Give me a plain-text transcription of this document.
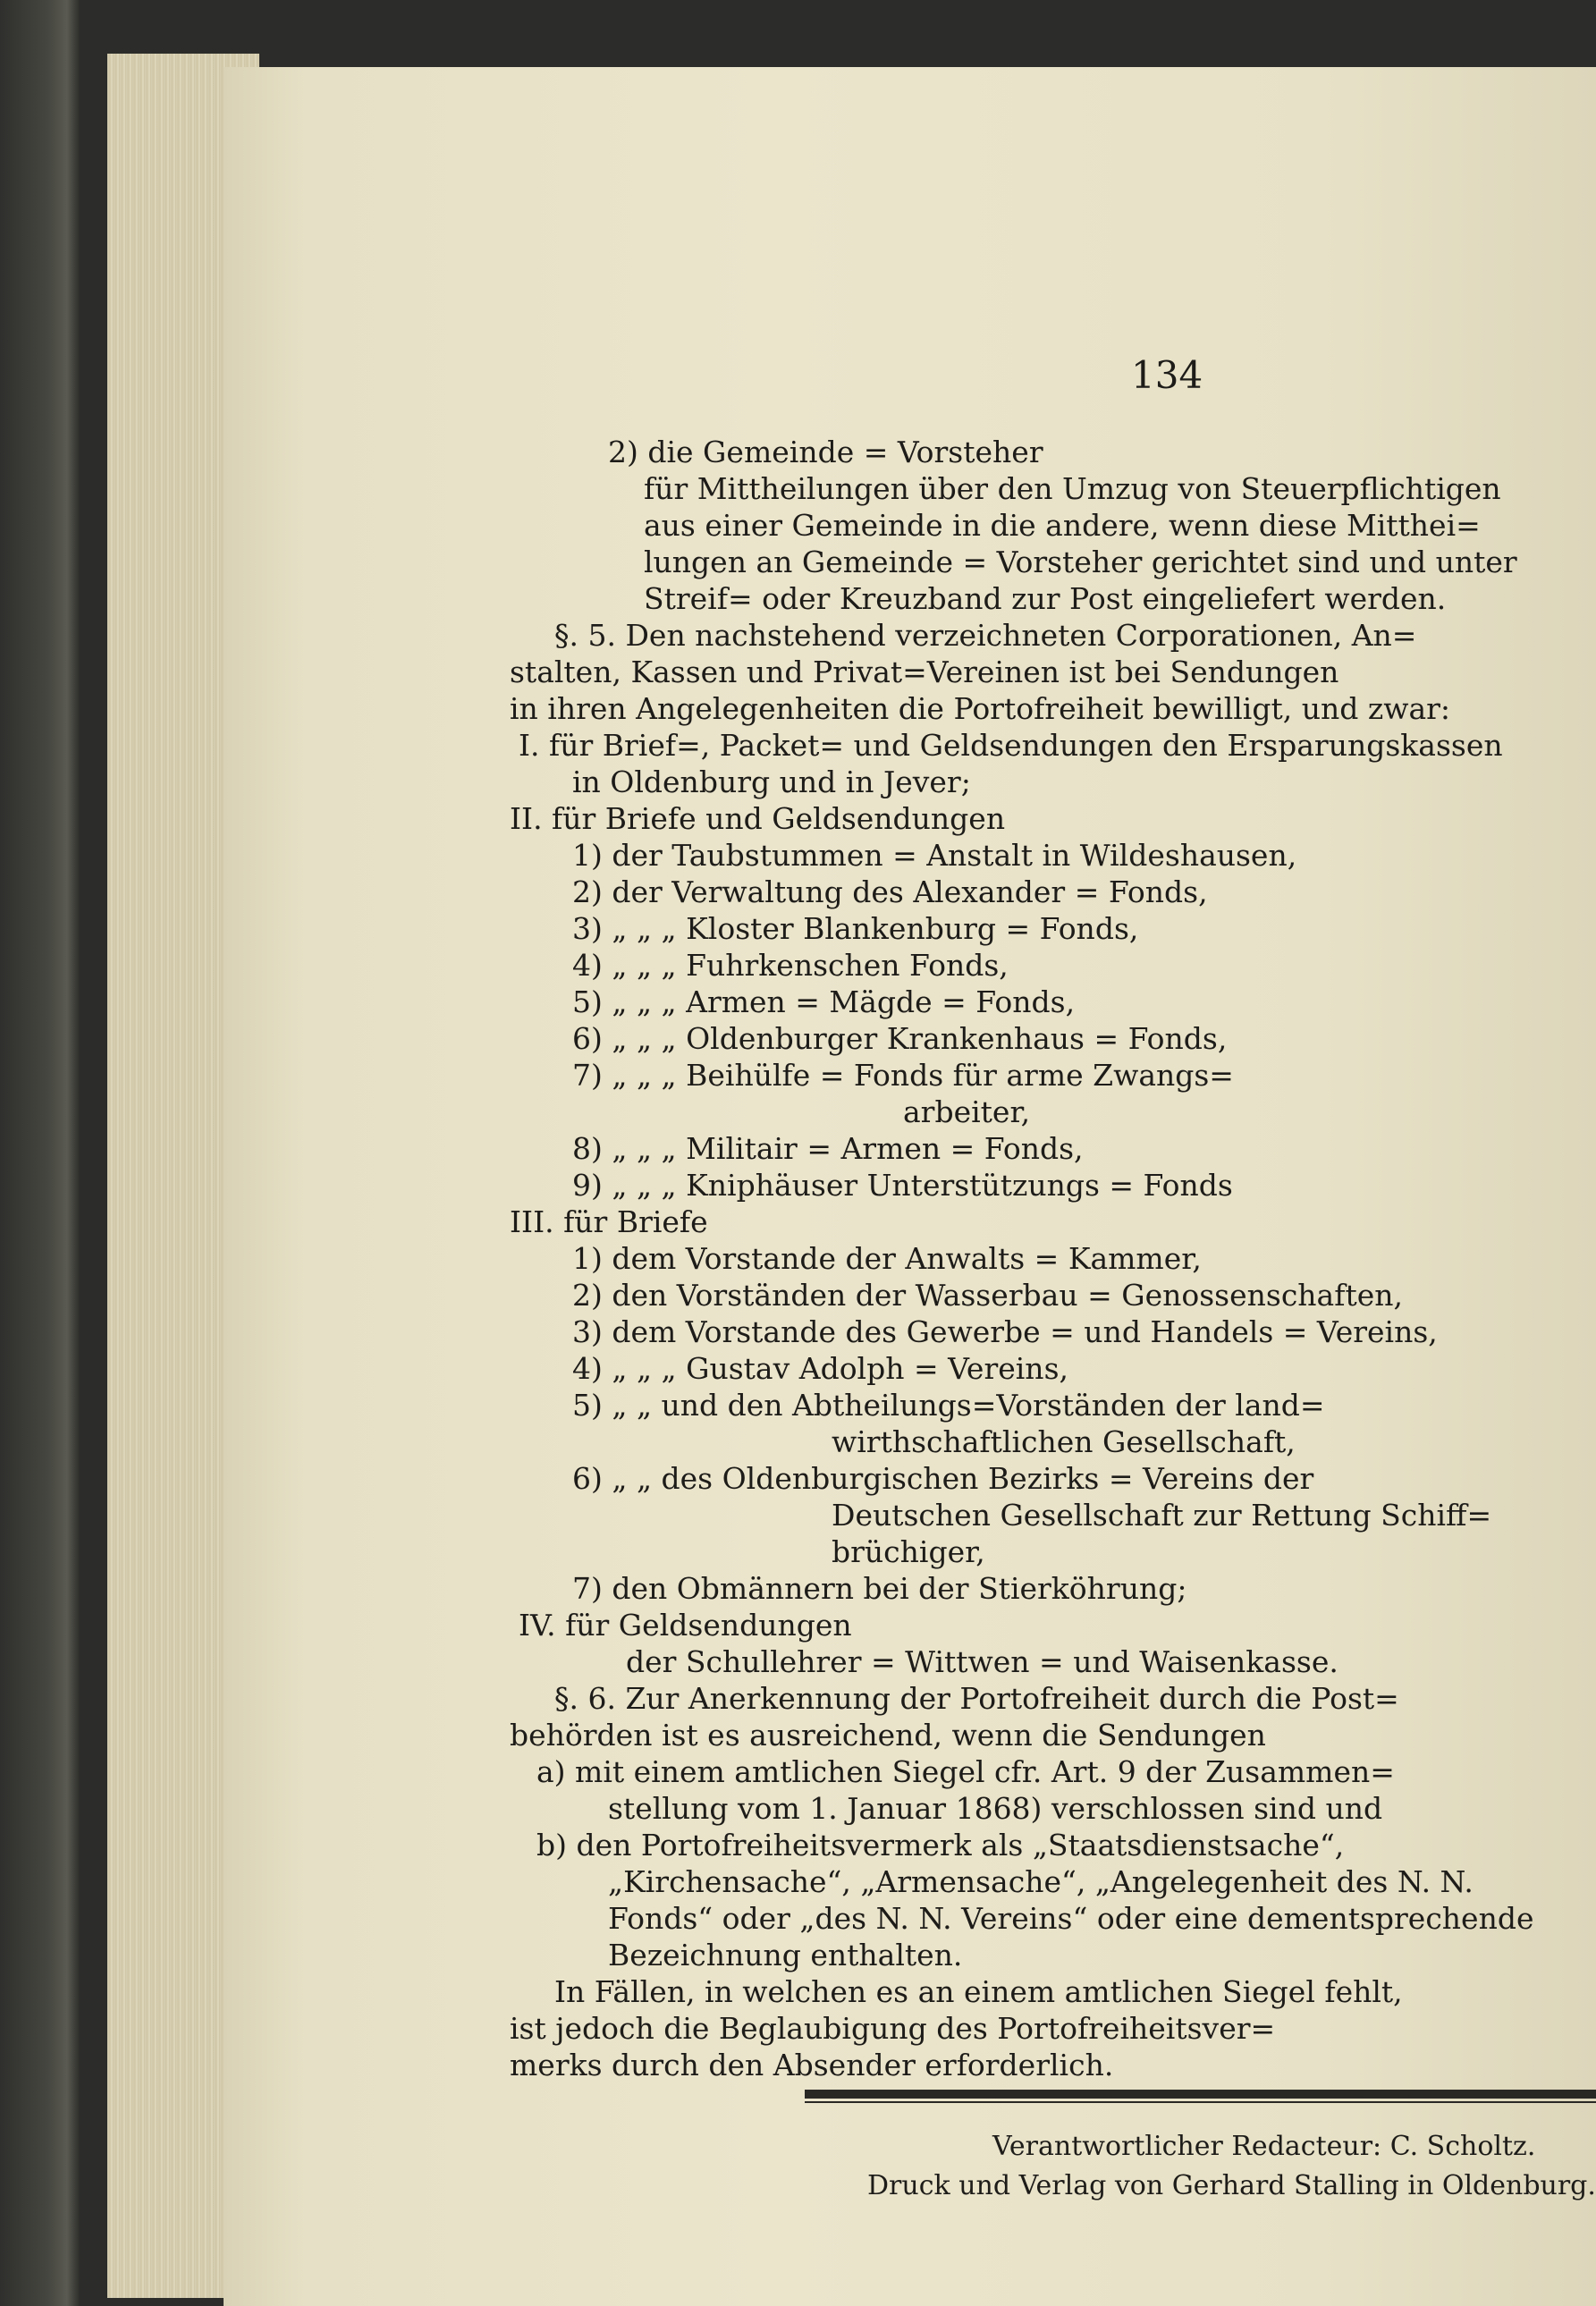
134
2) die Gemeinde = Vorsteher
für Mittheilungen über den Umzug von Steuerpflichtigen
aus einer Gemeinde in die andere, wenn diese Mitthei=
lungen an Gemeinde = Vorsteher gerichtet sind und unter
Streif= oder Kreuzband zur Post eingeliefert werden.
§. 5. Den nachstehend verzeichneten Corporationen, An=
stalten, Kassen und Privat=Vereinen ist bei Sendungen
in ihren Angelegenheiten die Portofreiheit bewilligt, und zwar:
I. für Brief=, Packet= und Geldsendungen den Ersparungskassen
in Oldenburg und in Jever;
II. für Briefe und Geldsendungen
1) der Taubstummen = Anstalt in Wildeshausen,
2) der Verwaltung des Alexander = Fonds,
3) „ „ „ Kloster Blankenburg = Fonds,
4) „ „ „ Fuhrkenschen Fonds,
5) „ „ „ Armen = Mägde = Fonds,
6) „ „ „ Oldenburger Krankenhaus = Fonds,
7) „ „ „ Beihülfe = Fonds für arme Zwangs=
arbeiter,
8) „ „ „ Militair = Armen = Fonds,
9) „ „ „ Kniphäuser Unterstützungs = Fonds
III. für Briefe
1) dem Vorstande der Anwalts = Kammer,
2) den Vorständen der Wasserbau = Genossenschaften,
3) dem Vorstande des Gewerbe = und Handels = Vereins,
4) „ „ „ Gustav Adolph = Vereins,
5) „ „ und den Abtheilungs=Vorständen der land=
wirthschaftlichen Gesellschaft,
6) „ „ des Oldenburgischen Bezirks = Vereins der
Deutschen Gesellschaft zur Rettung Schiff=
brüchiger,
7) den Obmännern bei der Stierköhrung;
IV. für Geldsendungen
der Schullehrer = Wittwen = und Waisenkasse.
§. 6. Zur Anerkennung der Portofreiheit durch die Post=
behörden ist es ausreichend, wenn die Sendungen
a) mit einem amtlichen Siegel cfr. Art. 9 der Zusammen=
stellung vom 1. Januar 1868) verschlossen sind und
b) den Portofreiheitsvermerk als „Staatsdienstsache“,
„Kirchensache“, „Armensache“, „Angelegenheit des N. N.
Fonds“ oder „des N. N. Vereins“ oder eine dementsprechende
Bezeichnung enthalten.
In Fällen, in welchen es an einem amtlichen Siegel fehlt,
ist jedoch die Beglaubigung des Portofreiheitsver=
merks durch den Absender erforderlich.
Verantwortlicher Redacteur: C. Scholtz.
Druck und Verlag von Gerhard Stalling in Oldenburg.
